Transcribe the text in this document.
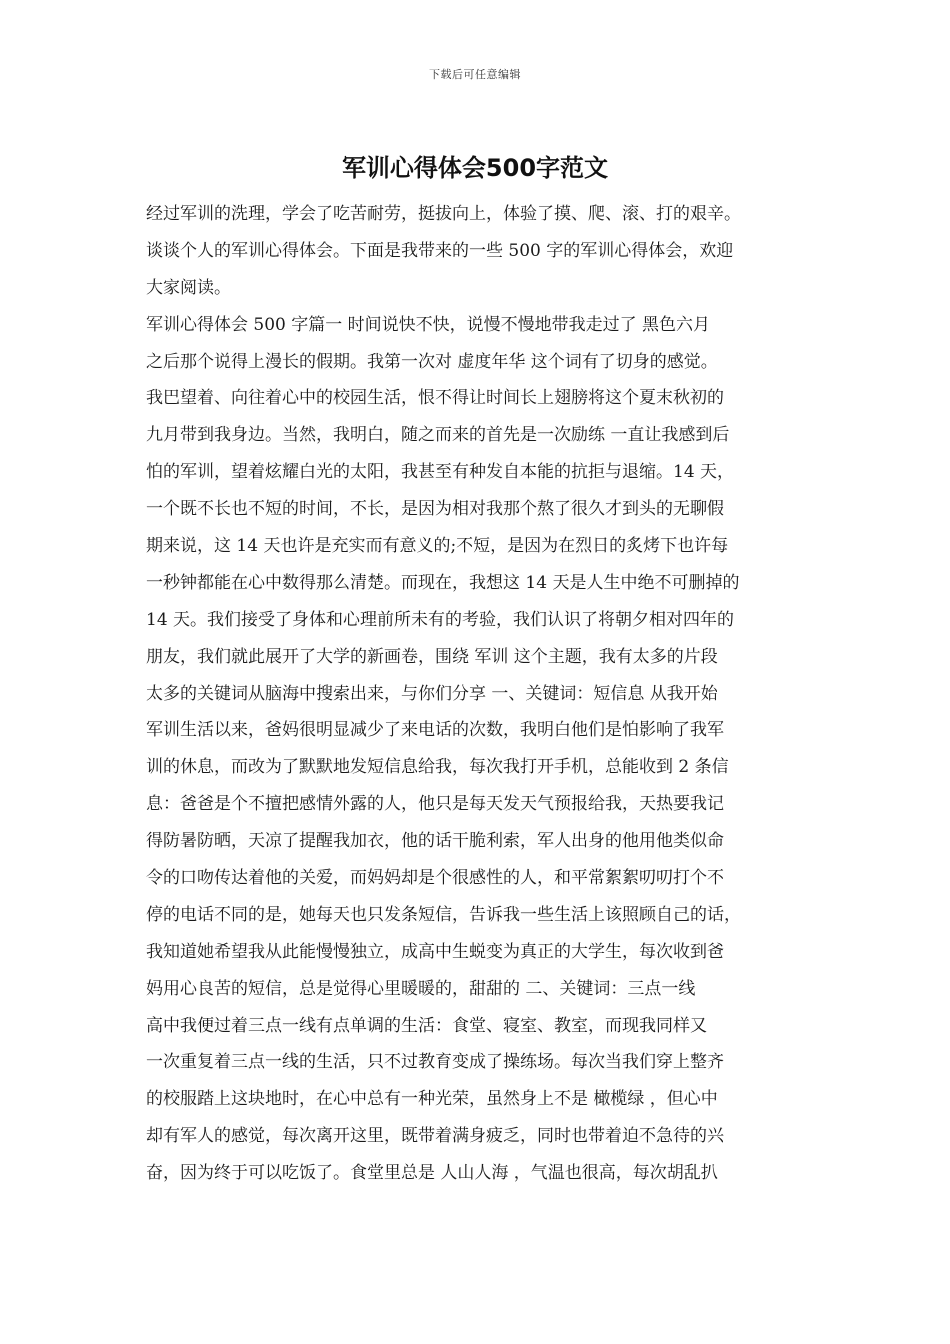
下载后可任意编辑
军训心得体会500字范文
经过军训的洗理，学会了吃苦耐劳，挺拔向上，体验了摸、爬、滚、打的艰辛。
谈谈个人的军训心得体会。下面是我带来的一些 500 字的军训心得体会，欢迎
大家阅读。
军训心得体会 500 字篇一 时间说快不快，说慢不慢地带我走过了 黑色六月
之后那个说得上漫长的假期。我第一次对 虚度年华 这个词有了切身的感觉。
我巴望着、向往着心中的校园生活，恨不得让时间长上翅膀将这个夏末秋初的
九月带到我身边。当然，我明白，随之而来的首先是一次励练 一直让我感到后
怕的军训，望着炫耀白光的太阳，我甚至有种发自本能的抗拒与退缩。14 天，
一个既不长也不短的时间，不长，是因为相对我那个熬了很久才到头的无聊假
期来说，这 14 天也许是充实而有意义的;不短，是因为在烈日的炙烤下也许每
一秒钟都能在心中数得那么清楚。而现在，我想这 14 天是人生中绝不可删掉的
14 天。我们接受了身体和心理前所未有的考验，我们认识了将朝夕相对四年的
朋友，我们就此展开了大学的新画卷，围绕 军训 这个主题，我有太多的片段
太多的关键词从脑海中搜索出来，与你们分享 一、关键词：短信息 从我开始
军训生活以来，爸妈很明显减少了来电话的次数，我明白他们是怕影响了我军
训的休息，而改为了默默地发短信息给我，每次我打开手机，总能收到 2 条信
息：爸爸是个不擅把感情外露的人，他只是每天发天气预报给我，天热要我记
得防暑防晒，天凉了提醒我加衣，他的话干脆利索，军人出身的他用他类似命
令的口吻传达着他的关爱，而妈妈却是个很感性的人，和平常絮絮叨叨打个不
停的电话不同的是，她每天也只发条短信，告诉我一些生活上该照顾自己的话，
我知道她希望我从此能慢慢独立，成高中生蜕变为真正的大学生，每次收到爸
妈用心良苦的短信，总是觉得心里暖暖的，甜甜的 二、关键词：三点一线
高中我便过着三点一线有点单调的生活：食堂、寝室、教室，而现我同样又
一次重复着三点一线的生活，只不过教育变成了操练场。每次当我们穿上整齐
的校服踏上这块地时，在心中总有一种光荣，虽然身上不是 橄榄绿 ，但心中
却有军人的感觉，每次离开这里，既带着满身疲乏，同时也带着迫不急待的兴
奋，因为终于可以吃饭了。食堂里总是 人山人海 ，气温也很高，每次胡乱扒
